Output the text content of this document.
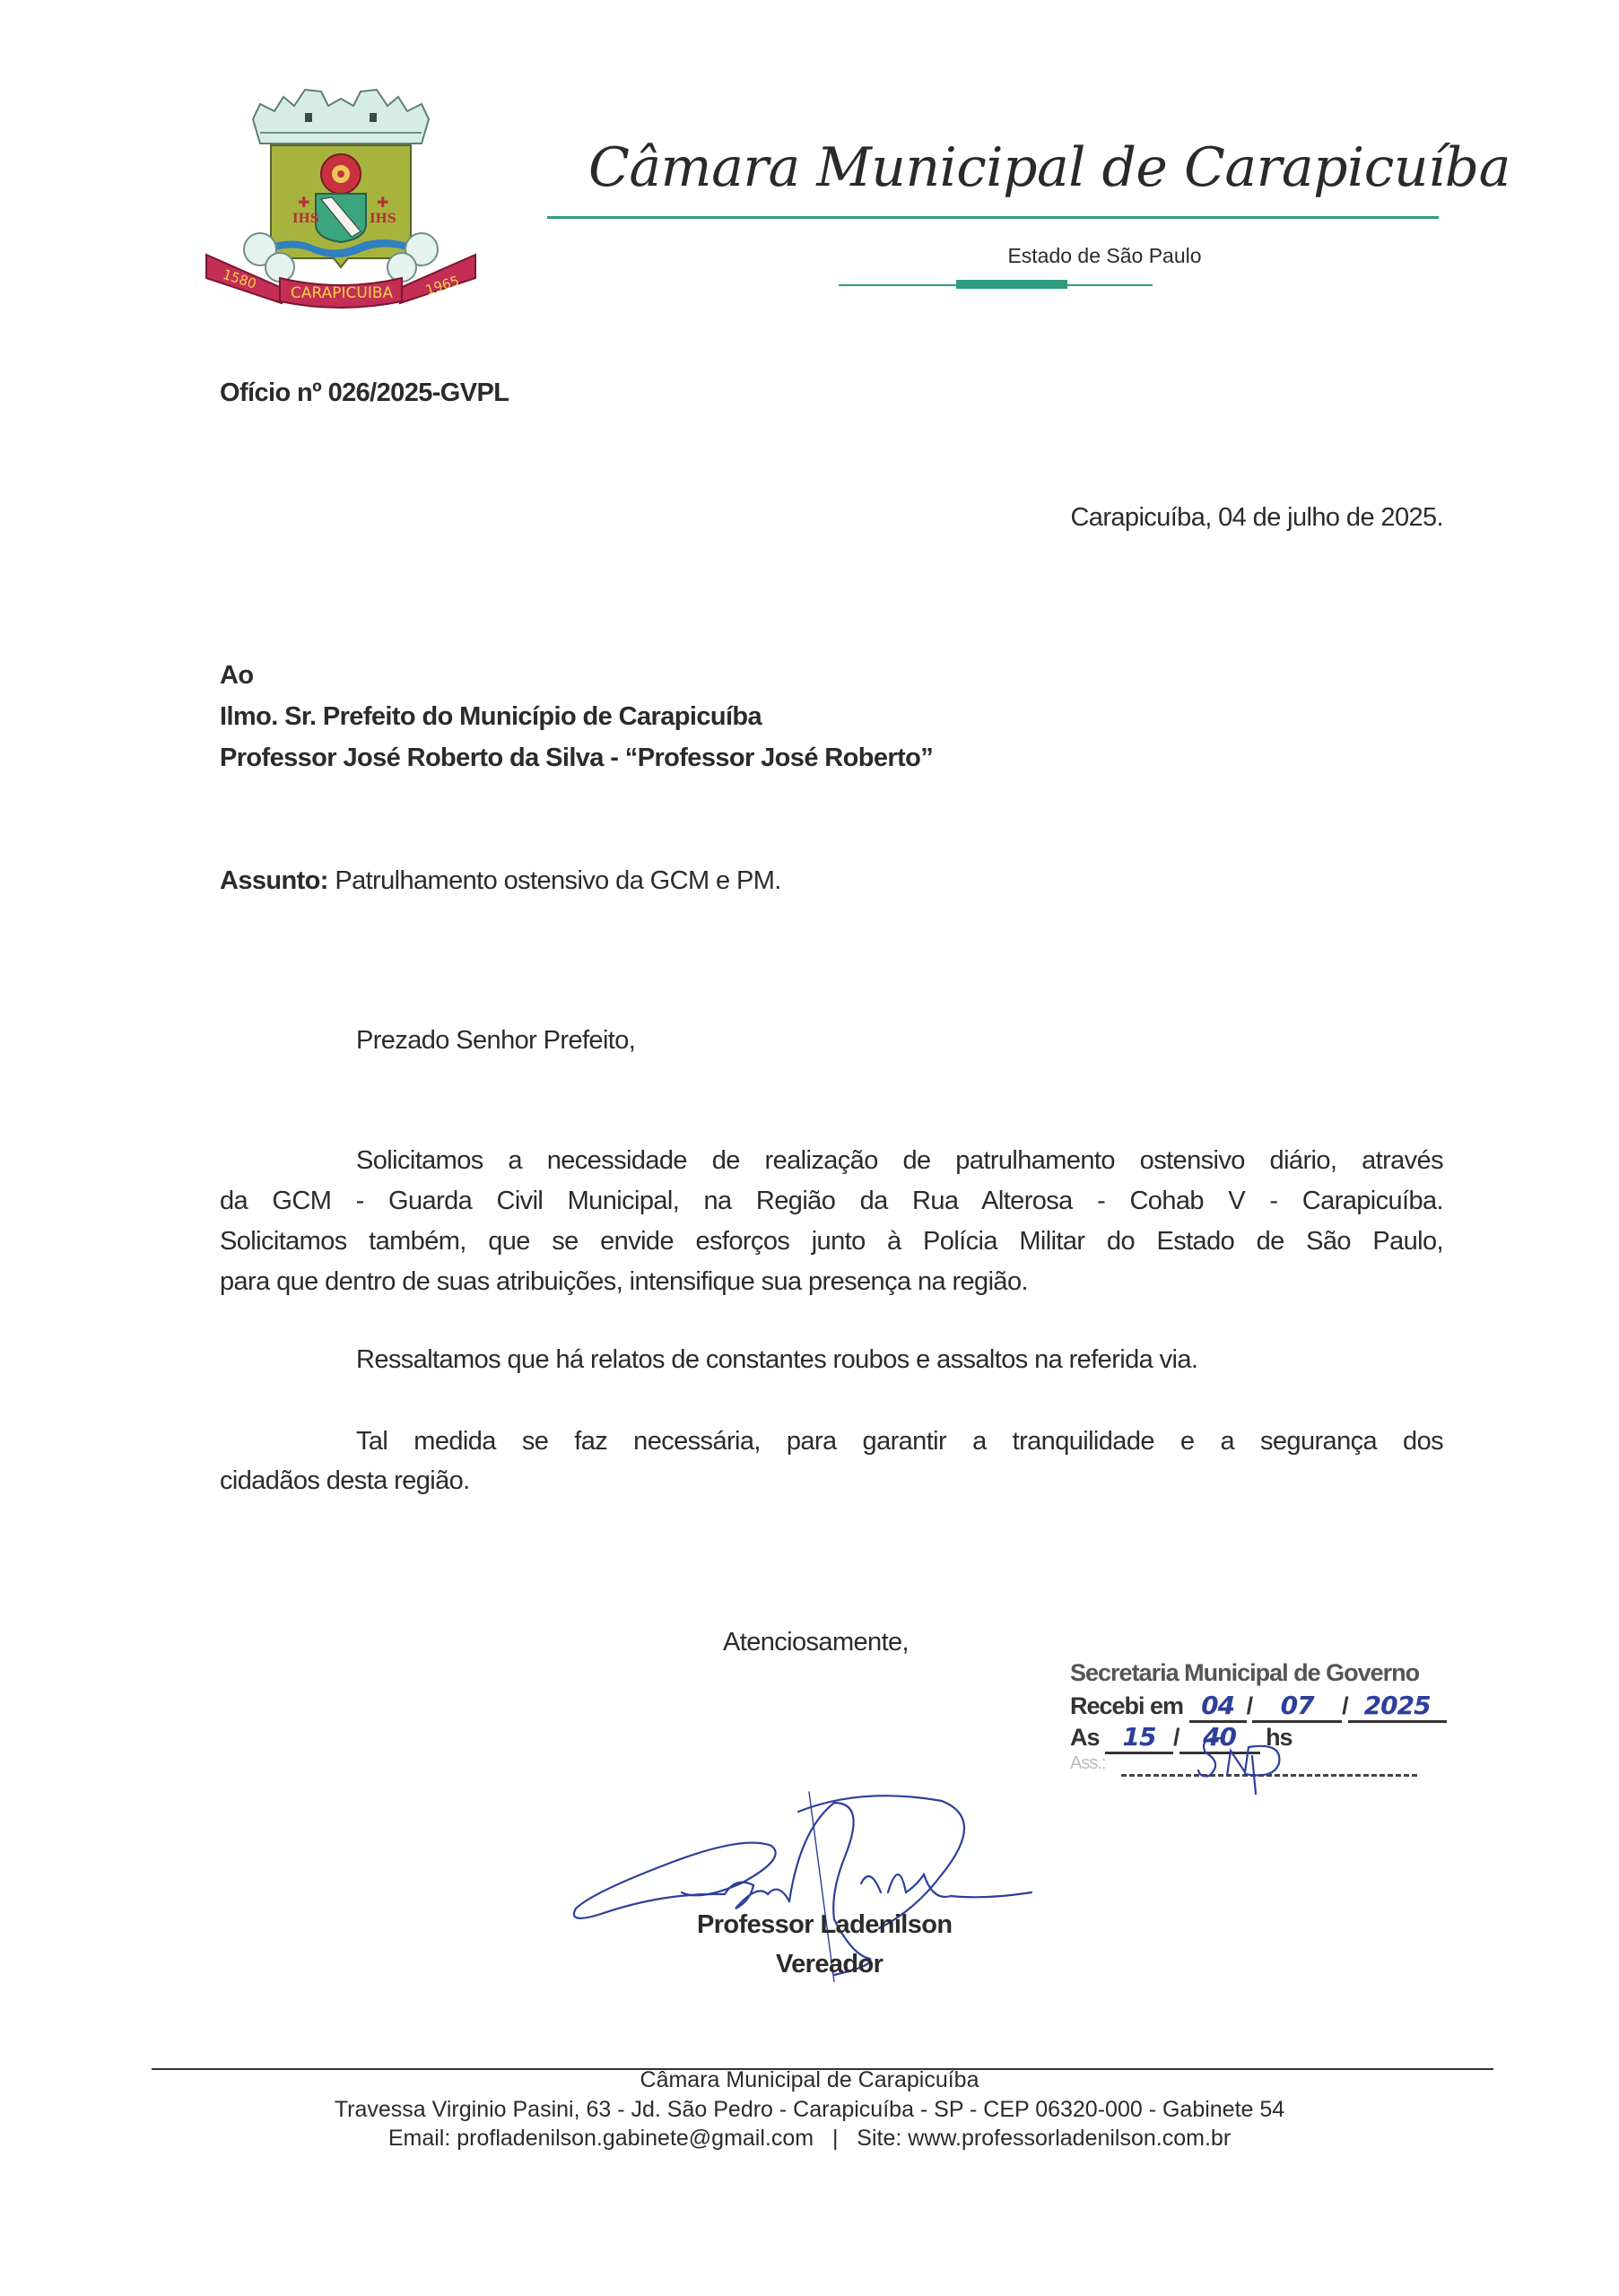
IHS	IHS
✚	✚
1580
CARAPICUIBA 1965
Câmara Municipal de Carapicuíba
Estado de São Paulo
Ofício nº 026/2025-GVPL
Carapicuíba, 04 de julho de 2025.
Ao
Ilmo. Sr. Prefeito do Município de Carapicuíba
Professor José Roberto da Silva - “Professor José Roberto”
Assunto: Patrulhamento ostensivo da GCM e PM.
Prezado Senhor Prefeito,
Solicitamos a necessidade de realização de patrulhamento ostensivo diário, através
da GCM - Guarda Civil Municipal, na Região da Rua Alterosa - Cohab V - Carapicuíba.
Solicitamos também, que se envide esforços junto à Polícia Militar do Estado de São Paulo,
para que dentro de suas atribuições, intensifique sua presença na região.
Ressaltamos que há relatos de constantes roubos e assaltos na referida via.
Tal medida se faz necessária, para garantir a tranquilidade e a segurança dos
cidadãos desta região.
Atenciosamente,
Professor Ladenilson
Vereador
Secretaria Municipal de Governo
Recebi em 04 / 07 / 2025
As 15 / 40 hs
Ass.:
Câmara Municipal de Carapicuíba
Travessa Virginio Pasini, 63 - Jd. São Pedro - Carapicuíba - SP - CEP 06320-000 - Gabinete 54
Email: profladenilson.gabinete@gmail.com | Site: www.professorladenilson.com.br
